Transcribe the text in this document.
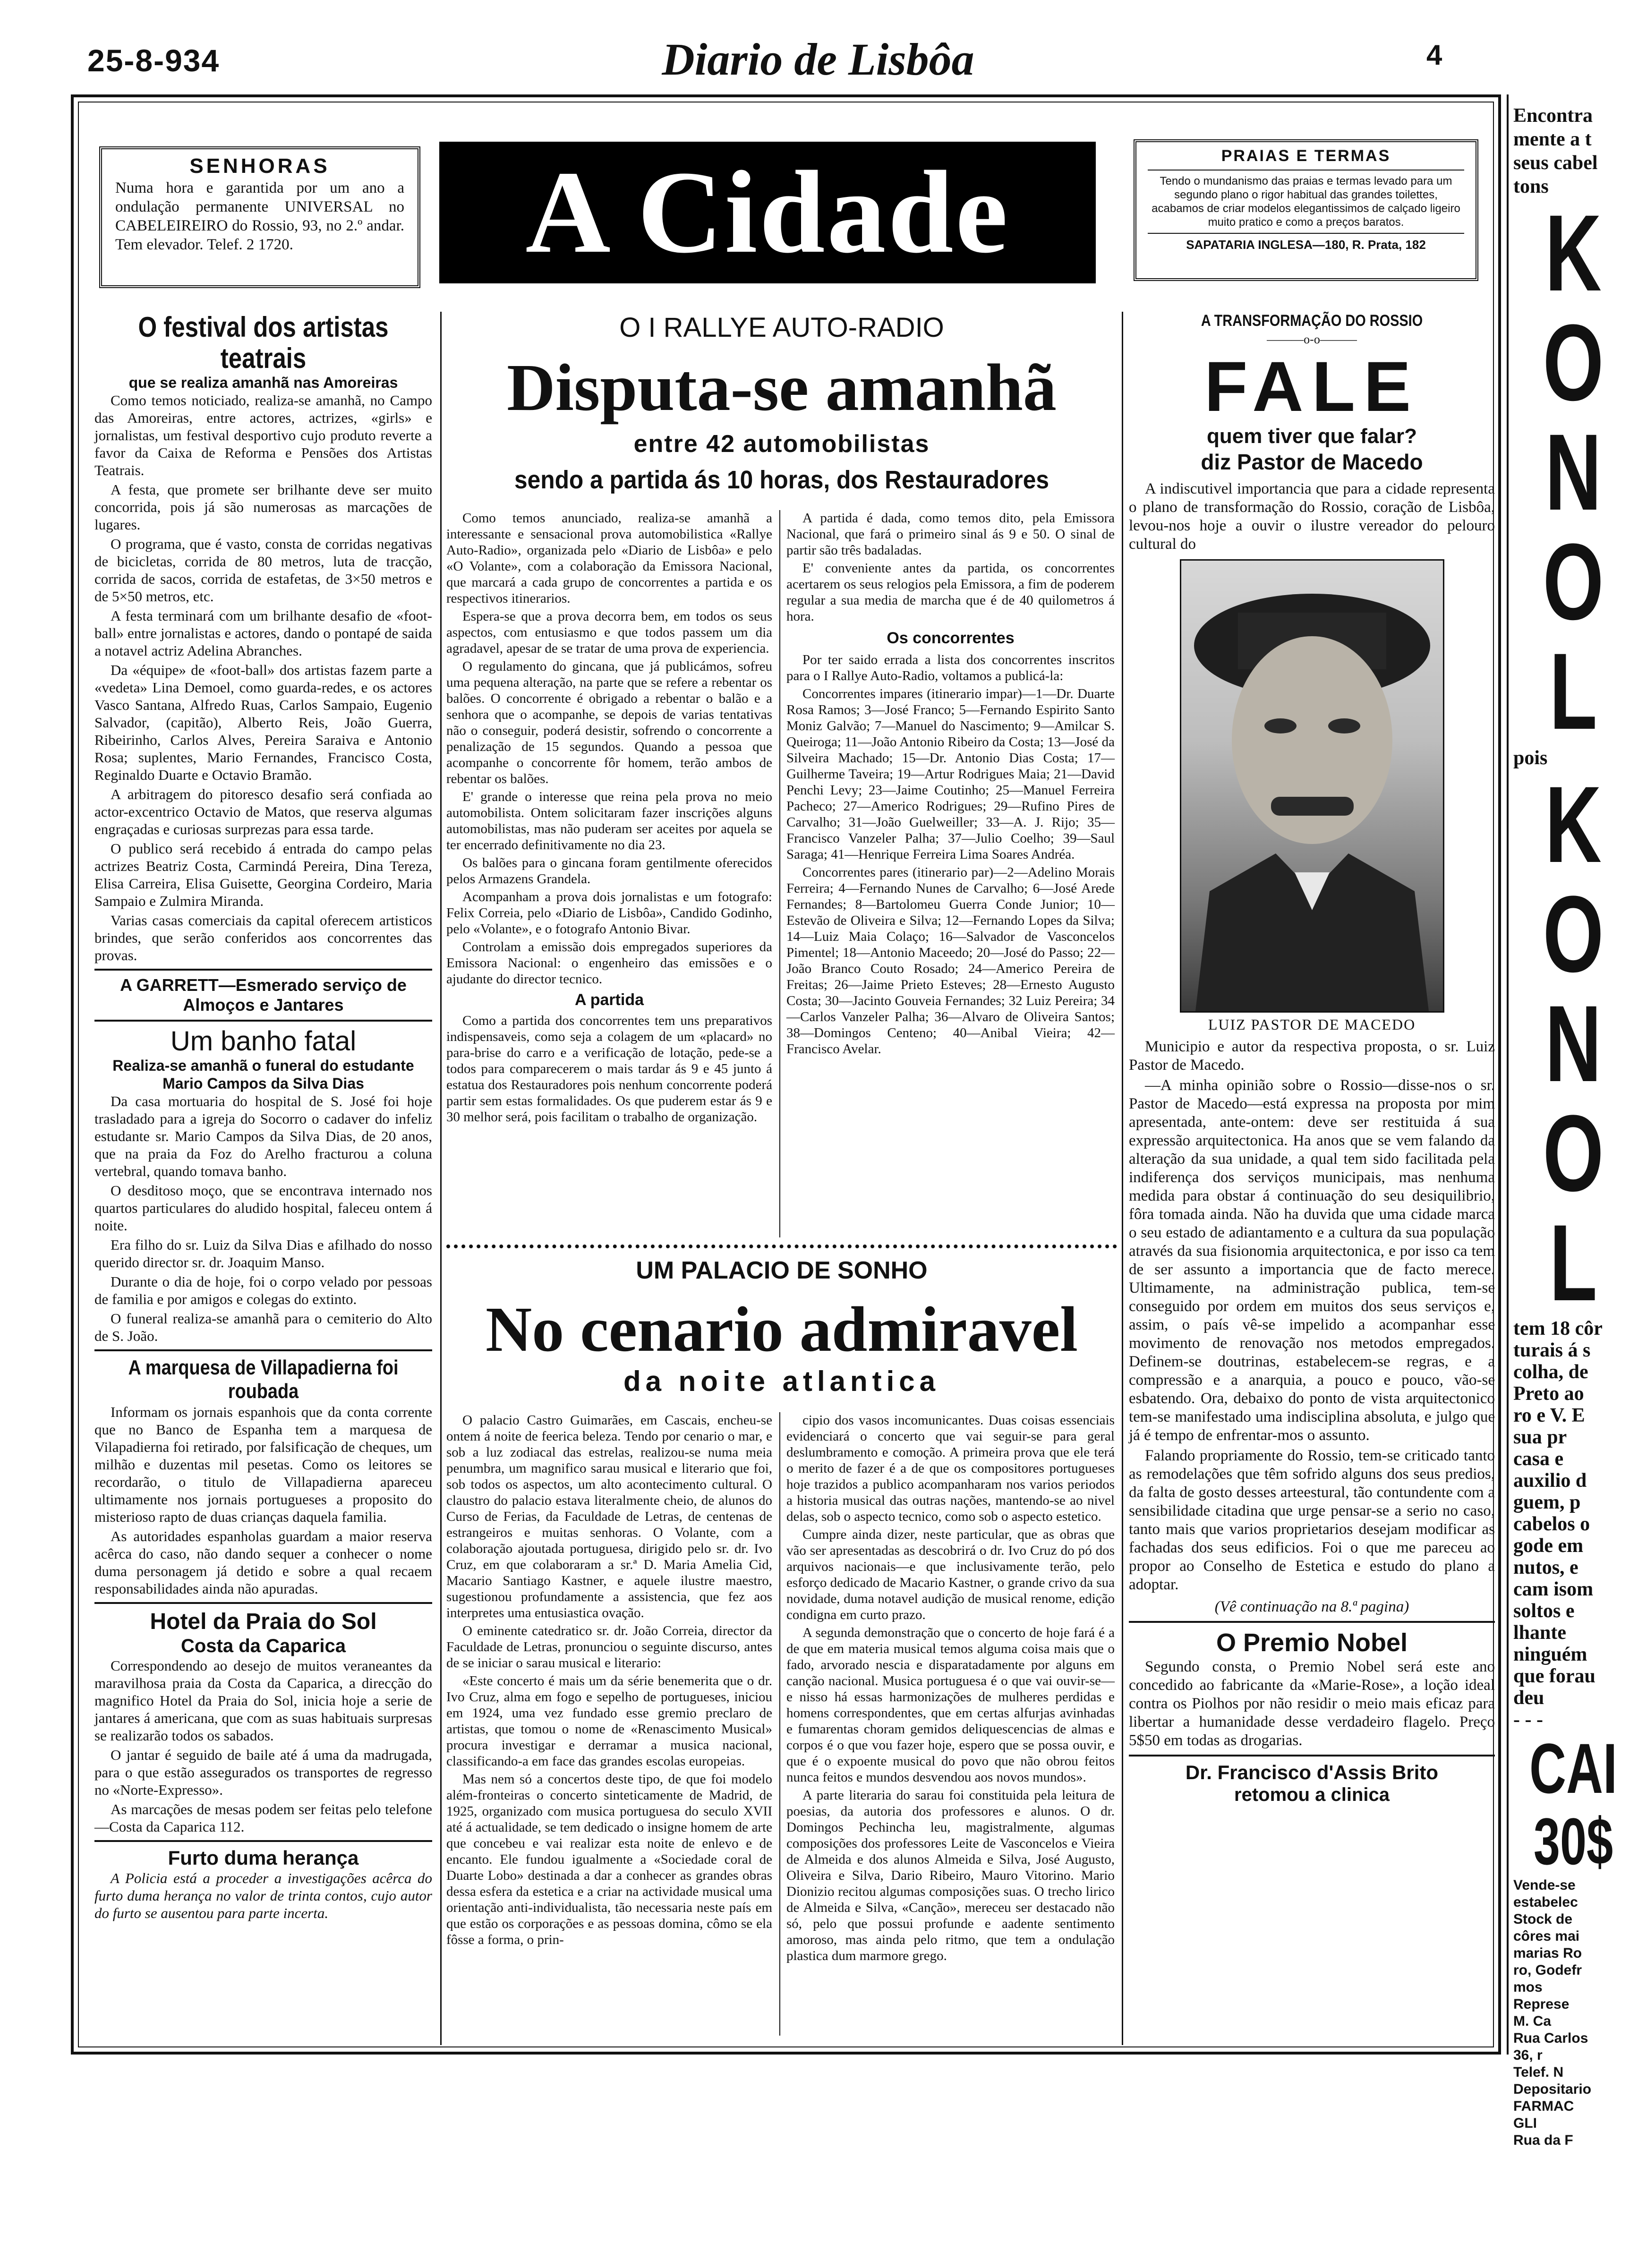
25-8-934	Diario de Lisbôa	4
SENHORAS
Numa hora e garantida por um ano a ondulação permanente UNIVERSAL no CABELEIREIRO do Rossio, 93, no 2.º andar. Tem elevador. Telef. 2 1720.	A Cidade	PRAIAS E TERMAS
Tendo o mundanismo das praias e termas levado para um segundo plano o rigor habitual das grandes toilettes, acabamos de criar modelos elegantissimos de calçado ligeiro muito pratico e como a preços baratos.
SAPATARIA INGLESA—180, R. Prata, 182
O festival dos artistas teatrais
que se realiza amanhã nas Amoreiras

Como temos noticiado, realiza-se amanhã, no Campo das Amoreiras, entre actores, actrizes, «girls» e jornalistas, um festival desportivo cujo produto reverte a favor da Caixa de Reforma e Pensões dos Artistas Teatrais.

A festa, que promete ser brilhante deve ser muito concorrida, pois já são numerosas as marcações de lugares.

O programa, que é vasto, consta de corridas negativas de bicicletas, corrida de 80 metros, luta de tracção, corrida de sacos, corrida de estafetas, de 3×50 metros e de 5×50 metros, etc.

A festa terminará com um brilhante desafio de «foot-ball» entre jornalistas e actores, dando o pontapé de saida a notavel actriz Adelina Abranches.

Da «équipe» de «foot-ball» dos artistas fazem parte a «vedeta» Lina Demoel, como guarda-redes, e os actores Vasco Santana, Alfredo Ruas, Carlos Sampaio, Eugenio Salvador, (capitão), Alberto Reis, João Guerra, Ribeirinho, Carlos Alves, Pereira Saraiva e Antonio Rosa; suplentes, Mario Fernandes, Francisco Costa, Reginaldo Duarte e Octavio Bramão.

A arbitragem do pitoresco desafio será confiada ao actor-excentrico Octavio de Matos, que reserva algumas engraçadas e curiosas surprezas para essa tarde.

O publico será recebido á entrada do campo pelas actrizes Beatriz Costa, Carmindá Pereira, Dina Tereza, Elisa Carreira, Elisa Guisette, Georgina Cordeiro, Maria Sampaio e Zulmira Miranda.

Varias casas comerciais da capital oferecem artisticos brindes, que serão conferidos aos concorrentes das provas.

A GARRETT—Esmerado serviço de Almoços e Jantares
Um banho fatal
Realiza-se amanhã o funeral do estudante Mario Campos da Silva Dias

Da casa mortuaria do hospital de S. José foi hoje trasladado para a igreja do Socorro o cadaver do infeliz estudante sr. Mario Campos da Silva Dias, de 20 anos, que na praia da Foz do Arelho fracturou a coluna vertebral, quando tomava banho.

O desditoso moço, que se encontrava internado nos quartos particulares do aludido hospital, faleceu ontem á noite.

Era filho do sr. Luiz da Silva Dias e afilhado do nosso querido director sr. dr. Joaquim Manso.

Durante o dia de hoje, foi o corpo velado por pessoas de familia e por amigos e colegas do extinto.

O funeral realiza-se amanhã para o cemiterio do Alto de S. João.

A marquesa de Villapadierna foi roubada

Informam os jornais espanhois que da conta corrente que no Banco de Espanha tem a marquesa de Vilapadierna foi retirado, por falsificação de cheques, um milhão e duzentas mil pesetas. Como os leitores se recordarão, o titulo de Villapadierna apareceu ultimamente nos jornais portugueses a proposito do misterioso rapto de duas crianças daquela familia.

As autoridades espanholas guardam a maior reserva acêrca do caso, não dando sequer a conhecer o nome duma personagem já detido e sobre a qual recaem responsabilidades ainda não apuradas.

Hotel da Praia do Sol
Costa da Caparica

Correspondendo ao desejo de muitos veraneantes da maravilhosa praia da Costa da Caparica, a direcção do magnifico Hotel da Praia do Sol, inicia hoje a serie de jantares á americana, que com as suas habituais surpresas se realizarão todos os sabados.

O jantar é seguido de baile até á uma da madrugada, para o que estão assegurados os transportes de regresso no «Norte-Expresso».

As marcações de mesas podem ser feitas pelo telefone—Costa da Caparica 112.

Furto duma herança

A Policia está a proceder a investigações acêrca do furto duma herança no valor de trinta contos, cujo autor do furto se ausentou para parte incerta.

O I RALLYE AUTO-RADIO
Disputa-se amanhã
entre 42 automobilistas
sendo a partida ás 10 horas, dos Restauradores

Como temos anunciado, realiza-se amanhã a interessante e sensacional prova automobilistica «Rallye Auto-Radio», organizada pelo «Diario de Lisbôa» e pelo «O Volante», com a colaboração da Emissora Nacional, que marcará a cada grupo de concorrentes a partida e os respectivos itinerarios.

Espera-se que a prova decorra bem, em todos os seus aspectos, com entusiasmo e que todos passem um dia agradavel, apesar de se tratar de uma prova de experiencia.

O regulamento do gincana, que já publicámos, sofreu uma pequena alteração, na parte que se refere a rebentar os balões. O concorrente é obrigado a rebentar o balão e a senhora que o acompanhe, se depois de varias tentativas não o conseguir, poderá desistir, sofrendo o concorrente a penalização de 15 segundos. Quando a pessoa que acompanhe o concorrente fôr homem, terão ambos de rebentar os balões.

E' grande o interesse que reina pela prova no meio automobilista. Ontem solicitaram fazer inscrições alguns automobilistas, mas não puderam ser aceites por aquela se ter encerrado definitivamente no dia 23.

Os balões para o gincana foram gentilmente oferecidos pelos Armazens Grandela.

Acompanham a prova dois jornalistas e um fotografo: Felix Correia, pelo «Diario de Lisbôa», Candido Godinho, pelo «Volante», e o fotografo Antonio Bivar.

Controlam a emissão dois empregados superiores da Emissora Nacional: o engenheiro das emissões e o ajudante do director tecnico.

A partida

Como a partida dos concorrentes tem uns preparativos indispensaveis, como seja a colagem de um «placard» no para-brise do carro e a verificação de lotação, pede-se a todos para comparecerem o mais tardar ás 9 e 45 junto á estatua dos Restauradores pois nenhum concorrente poderá partir sem estas formalidades. Os que puderem estar ás 9 e 30 melhor será, pois facilitam o trabalho de organização.

A partida é dada, como temos dito, pela Emissora Nacional, que fará o primeiro sinal ás 9 e 50. O sinal de partir são três badaladas.

E' conveniente antes da partida, os concorrentes acertarem os seus relogios pela Emissora, a fim de poderem regular a sua media de marcha que é de 40 quilometros á hora.

Os concorrentes

Por ter saido errada a lista dos concorrentes inscritos para o I Rallye Auto-Radio, voltamos a publicá-la:

Concorrentes impares (itinerario impar)—1—Dr. Duarte Rosa Ramos; 3—José Franco; 5—Fernando Espirito Santo Moniz Galvão; 7—Manuel do Nascimento; 9—Amilcar S. Queiroga; 11—João Antonio Ribeiro da Costa; 13—José da Silveira Machado; 15—Dr. Antonio Dias Costa; 17—Guilherme Taveira; 19—Artur Rodrigues Maia; 21—David Penchi Levy; 23—Jaime Coutinho; 25—Manuel Ferreira Pacheco; 27—Americo Rodrigues; 29—Rufino Pires de Carvalho; 31—João Guelweiller; 33—A. J. Rijo; 35—Francisco Vanzeler Palha; 37—Julio Coelho; 39—Saul Saraga; 41—Henrique Ferreira Lima Soares Andréa.

Concorrentes pares (itinerario par)—2—Adelino Morais Ferreira; 4—Fernando Nunes de Carvalho; 6—José Arede Fernandes; 8—Bartolomeu Guerra Conde Junior; 10—Estevão de Oliveira e Silva; 12—Fernando Lopes da Silva; 14—Luiz Maia Colaço; 16—Salvador de Vasconcelos Pimentel; 18—Antonio Maceedo; 20—José do Passo; 22—João Branco Couto Rosado; 24—Americo Pereira de Freitas; 26—Jaime Prieto Esteves; 28—Ernesto Augusto Costa; 30—Jacinto Gouveia Fernandes; 32 Luiz Pereira; 34—Carlos Vanzeler Palha; 36—Alvaro de Oliveira Santos; 38—Domingos Centeno; 40—Anibal Vieira; 42—Francisco Avelar.

UM PALACIO DE SONHO
No cenario admiravel
da noite atlantica

O palacio Castro Guimarães, em Cascais, encheu-se ontem á noite de feerica beleza. Tendo por cenario o mar, e sob a luz zodiacal das estrelas, realizou-se numa meia penumbra, um magnifico sarau musical e literario que foi, sob todos os aspectos, um alto acontecimento cultural. O claustro do palacio estava literalmente cheio, de alunos do Curso de Ferias, da Faculdade de Letras, de centenas de estrangeiros e muitas senhoras. O Volante, com a colaboração ajoutada portuguesa, dirigido pelo sr. dr. Ivo Cruz, em que colaboraram a sr.ª D. Maria Amelia Cid, Macario Santiago Kastner, e aquele ilustre maestro, sugestionou profundamente a assistencia, que fez aos interpretes uma entusiastica ovação.

O eminente catedratico sr. dr. João Correia, director da Faculdade de Letras, pronunciou o seguinte discurso, antes de se iniciar o sarau musical e literario:

«Este concerto é mais um da série benemerita que o dr. Ivo Cruz, alma em fogo e sepelho de portugueses, iniciou em 1924, uma vez fundado esse gremio preclaro de artistas, que tomou o nome de «Renascimento Musical» procura investigar e derramar a musica nacional, classificando-a em face das grandes escolas europeias.

Mas nem só a concertos deste tipo, de que foi modelo além-fronteiras o concerto sinteticamente de Madrid, de 1925, organizado com musica portuguesa do seculo XVII até á actualidade, se tem dedicado o insigne homem de arte que concebeu e vai realizar esta noite de enlevo e de encanto. Ele fundou igualmente a «Sociedade coral de Duarte Lobo» destinada a dar a conhecer as grandes obras dessa esfera da estetica e a criar na actividade musical uma orientação anti-individualista, tão necessaria neste país em que estão os corporações e as pessoas domina, cômo se ela fôsse a forma, o prin-

cipio dos vasos incomunicantes. Duas coisas essenciais evidenciará o concerto que vai seguir-se para geral deslumbramento e comoção. A primeira prova que ele terá o merito de fazer é a de que os compositores portugueses hoje trazidos a publico acompanharam nos varios periodos a historia musical das outras nações, mantendo-se ao nivel delas, sob o aspecto tecnico, como sob o aspecto estetico.

Cumpre ainda dizer, neste particular, que as obras que vão ser apresentadas as descobrirá o dr. Ivo Cruz do pó dos arquivos nacionais—e que inclusivamente terão, pelo esforço dedicado de Macario Kastner, o grande crivo da sua novidade, duma notavel audição de musical renome, edição condigna em curto prazo.

A segunda demonstração que o concerto de hoje fará é a de que em materia musical temos alguma coisa mais que o fado, arvorado nescia e disparatadamente por alguns em canção nacional. Musica portuguesa é o que vai ouvir-se—e nisso há essas harmonizações de mulheres perdidas e homens correspondentes, que em certas alfurjas avinhadas e fumarentas choram gemidos deliquescencias de almas e corpos é o que vou fazer hoje, espero que se possa ouvir, e que é o expoente musical do povo que não obrou feitos nunca feitos e mundos desvendou aos novos mundos».

A parte literaria do sarau foi constituida pela leitura de poesias, da autoria dos professores e alunos. O dr. Domingos Pechincha leu, magistralmente, algumas composições dos professores Leite de Vasconcelos e Vieira de Almeida e dos alunos Almeida e Silva, José Augusto, Oliveira e Silva, Dario Ribeiro, Mauro Vitorino. Mario Dionizio recitou algumas composições suas. O trecho lirico de Almeida e Silva, «Canção», mereceu ser destacado não só, pelo que possui profunde e aadente sentimento amoroso, mas ainda pelo ritmo, que tem a ondulação plastica dum marmore grego.

A TRANSFORMAÇÃO DO ROSSIO
———o-o———
FALE
quem tiver que falar?
diz Pastor de Macedo

A indiscutivel importancia que para a cidade representa o plano de transformação do Rossio, coração de Lisbôa, levou-nos hoje a ouvir o ilustre vereador do pelouro cultural do

LUIZ PASTOR DE MACEDO

Municipio e autor da respectiva proposta, o sr. Luiz Pastor de Macedo.

—A minha opinião sobre o Rossio—disse-nos o sr. Pastor de Macedo—está expressa na proposta por mim apresentada, ante-ontem: deve ser restituida á sua expressão arquitectonica. Ha anos que se vem falando da alteração da sua unidade, a qual tem sido facilitada pela indiferença dos serviços municipais, mas nenhuma medida para obstar á continuação do seu desiquilibrio, fôra tomada ainda. Não ha duvida que uma cidade marca o seu estado de adiantamento e a cultura da sua população através da sua fisionomia arquitectonica, e por isso ca tem de ser assunto a importancia que de facto merece. Ultimamente, na administração publica, tem-se conseguido por ordem em muitos dos seus serviços e, assim, o país vê-se impelido a acompanhar esse movimento de renovação nos metodos empregados. Definem-se doutrinas, estabelecem-se regras, e a compressão e a anarquia, a pouco e pouco, vão-se esbatendo. Ora, debaixo do ponto de vista arquitectonico tem-se manifestado uma indisciplina absoluta, e julgo que já é tempo de enfrentar-mos o assunto.

Falando propriamente do Rossio, tem-se criticado tanto as remodelações que têm sofrido alguns dos seus predios, da falta de gosto desses arteestural, tão contundente com a sensibilidade citadina que urge pensar-se a serio no caso, tanto mais que varios proprietarios desejam modificar as fachadas dos seus edificios. Foi o que me pareceu ao propor ao Conselho de Estetica e estudo do plano a adoptar.

(Vê continuação na 8.ª pagina)
O Premio Nobel

Segundo consta, o Premio Nobel será este ano concedido ao fabricante da «Marie-Rose», a loção ideal contra os Piolhos por não residir o meio mais eficaz para libertar a humanidade desse verdadeiro flagelo. Preço 5$50 em todas as drogarias.

Dr. Francisco d'Assis Brito
retomou a clinica
Encontra
mente a t
seus cabel
tons
K
O
N
O
L
pois
K
O
N
O
L
tem 18 côr
turais á s
colha, de
Preto ao
ro e V. E
sua pr
casa e
auxilio d
guem, p
cabelos o
gode em
nutos, e
cam isom
soltos e
lhante
ninguém
que forau
deu
- - -
CAI
30$
Vende-se
estabelec
Stock de
côres mai
marias Ro
ro, Godefr
mos
Represe
M. Ca
Rua Carlos
36, r
Telef. N
Depositario
FARMAC
GLI
Rua da F
